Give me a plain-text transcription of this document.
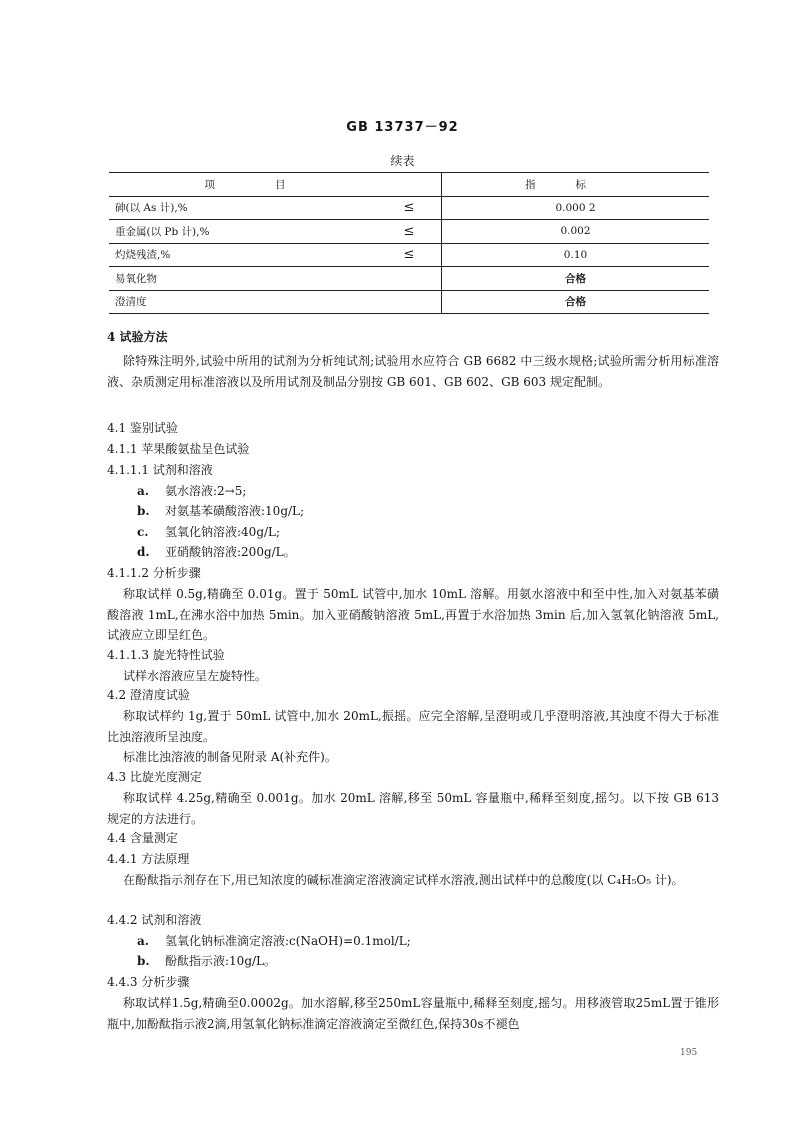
GB 13737－92
续表
项目		指标
砷(以 As 计),%	≤	0.000 2
重金属(以 Pb 计),%	≤	0.002
灼烧残渣,%	≤	0.10
易氧化物		合格
澄清度		合格
4 试验方法
除特殊注明外,试验中所用的试剂为分析纯试剂;试验用水应符合 GB 6682 中三级水规格;试验所需分析用标准溶液、杂质测定用标准溶液以及所用试剂及制品分别按 GB 601、GB 602、GB 603 规定配制。
4.1 鉴别试验
4.1.1 苹果酸氨盐呈色试验
4.1.1.1 试剂和溶液
a. 氨水溶液:2→5;
b. 对氨基苯磺酸溶液:10g/L;
c. 氢氧化钠溶液:40g/L;
d. 亚硝酸钠溶液:200g/L。
4.1.1.2 分析步骤
称取试样 0.5g,精确至 0.01g。置于 50mL 试管中,加水 10mL 溶解。用氨水溶液中和至中性,加入对氨基苯磺酸溶液 1mL,在沸水浴中加热 5min。加入亚硝酸钠溶液 5mL,再置于水浴加热 3min 后,加入氢氧化钠溶液 5mL,试液应立即呈红色。
4.1.1.3 旋光特性试验
试样水溶液应呈左旋特性。
4.2 澄清度试验
称取试样约 1g,置于 50mL 试管中,加水 20mL,振摇。应完全溶解,呈澄明或几乎澄明溶液,其浊度不得大于标准比浊溶液所呈浊度。
标准比浊溶液的制备见附录 A(补充件)。
4.3 比旋光度测定
称取试样 4.25g,精确至 0.001g。加水 20mL 溶解,移至 50mL 容量瓶中,稀释至刻度,摇匀。以下按 GB 613 规定的方法进行。
4.4 含量测定
4.4.1 方法原理
在酚酞指示剂存在下,用已知浓度的碱标准滴定溶液滴定试样水溶液,测出试样中的总酸度(以 C₄H₅O₅ 计)。
4.4.2 试剂和溶液
a. 氢氧化钠标准滴定溶液:c(NaOH)=0.1mol/L;
b. 酚酞指示液:10g/L。
4.4.3 分析步骤
称取试样1.5g,精确至0.0002g。加水溶解,移至250mL容量瓶中,稀释至刻度,摇匀。用移液管取25mL置于锥形瓶中,加酚酞指示液2滴,用氢氧化钠标准滴定溶液滴定至微红色,保持30s不褪色
195
